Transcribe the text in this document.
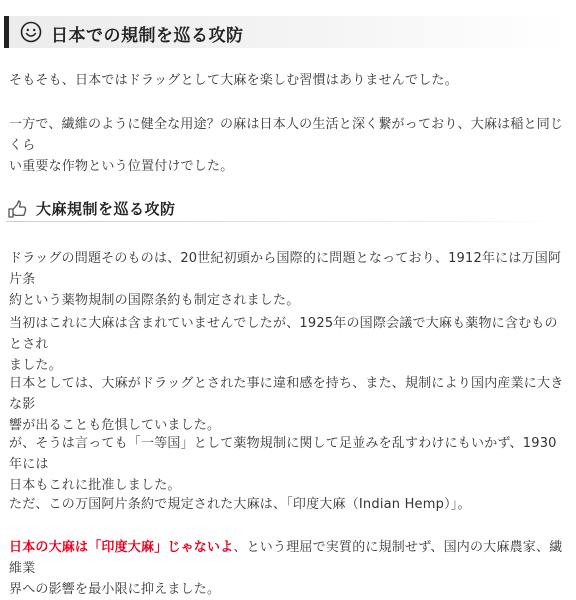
日本での規制を巡る攻防

そもそも、日本ではドラッグとして大麻を楽しむ習慣はありませんでした。

一方で、繊維のように健全な用途？の麻は日本人の生活と深く繋がっており、大麻は稲と同じくら
い重要な作物という位置付けでした。

大麻規制を巡る攻防

ドラッグの問題そのものは、20世紀初頭から国際的に問題となっており、1912年には万国阿片条
約という薬物規制の国際条約も制定されました。

当初はこれに大麻は含まれていませんでしたが、1925年の国際会議で大麻も薬物に含むものとされ
ました。

日本としては、大麻がドラッグとされた事に違和感を持ち、また、規制により国内産業に大きな影
響が出ることも危惧していました。

が、そうは言っても「一等国」として薬物規制に関して足並みを乱すわけにもいかず、1930年には
日本もこれに批准しました。

ただ、この万国阿片条約で規定された大麻は、「印度大麻（Indian Hemp）」。

日本の大麻は「印度大麻」じゃないよ、という理屈で実質的に規制せず、国内の大麻農家、繊維業
界への影響を最小限に抑えました。
